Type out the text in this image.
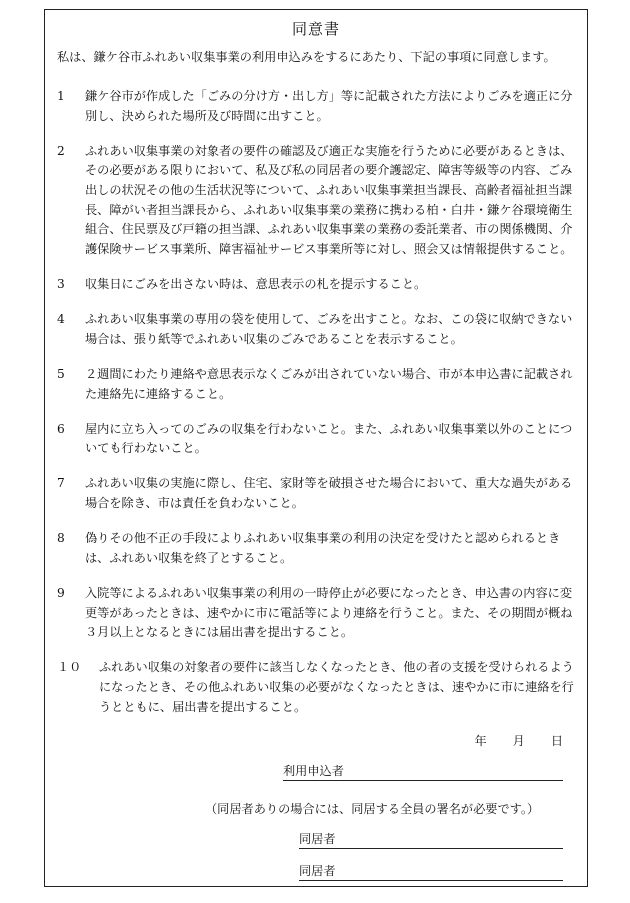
同意書
私は、鎌ケ谷市ふれあい収集事業の利用申込みをするにあたり、下記の事項に同意します。
1	鎌ケ谷市が作成した「ごみの分け方・出し方」等に記載された方法によりごみを適正に分別し、決められた場所及び時間に出すこと。
2	ふれあい収集事業の対象者の要件の確認及び適正な実施を行うために必要があるときは、その必要がある限りにおいて、私及び私の同居者の要介護認定、障害等級等の内容、ごみ出しの状況その他の生活状況等について、ふれあい収集事業担当課長、高齢者福祉担当課長、障がい者担当課長から、ふれあい収集事業の業務に携わる柏・白井・鎌ケ谷環境衛生組合、住民票及び戸籍の担当課、ふれあい収集事業の業務の委託業者、市の関係機関、介護保険サービス事業所、障害福祉サービス事業所等に対し、照会又は情報提供すること。
3	収集日にごみを出さない時は、意思表示の札を提示すること。
4	ふれあい収集事業の専用の袋を使用して、ごみを出すこと。なお、この袋に収納できない場合は、張り紙等でふれあい収集のごみであることを表示すること。
5	２週間にわたり連絡や意思表示なくごみが出されていない場合、市が本申込書に記載された連絡先に連絡すること。
6	屋内に立ち入ってのごみの収集を行わないこと。また、ふれあい収集事業以外のことについても行わないこと。
7	ふれあい収集の実施に際し、住宅、家財等を破損させた場合において、重大な過失がある場合を除き、市は責任を負わないこと。
8	偽りその他不正の手段によりふれあい収集事業の利用の決定を受けたと認められるときは、ふれあい収集を終了とすること。
9	入院等によるふれあい収集事業の利用の一時停止が必要になったとき、申込書の内容に変更等があったときは、速やかに市に電話等により連絡を行うこと。また、その期間が概ね３月以上となるときには届出書を提出すること。
１０	ふれあい収集の対象者の要件に該当しなくなったとき、他の者の支援を受けられるようになったとき、その他ふれあい収集の必要がなくなったときは、速やかに市に連絡を行うとともに、届出書を提出すること。
年 月 日
利用申込者
（同居者ありの場合には、同居する全員の署名が必要です。）
同居者
同居者
